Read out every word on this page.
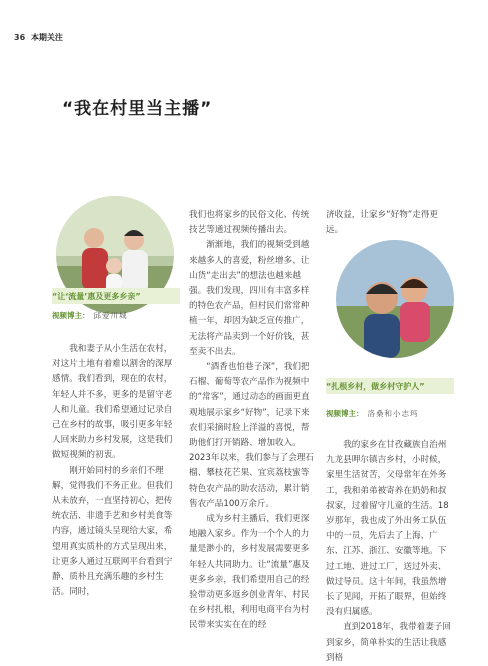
36 本期关注
“我在村里当主播”
“让‘流量’惠及更多乡亲”
视频博主： 邱爱川城

我和妻子从小生活在农村，对这片土地有着难以割舍的深厚感情。我们看到，现在的农村，年轻人并不多，更多的是留守老人和儿童。我们希望通过记录自己在乡村的故事，吸引更多年轻人回来助力乡村发展，这是我们做短视频的初衷。

刚开始同村的乡亲们不理解，觉得我们不务正业。但我们从未放弃，一直坚持初心，把传统农活、非遗手艺和乡村美食等内容，通过镜头呈现给大家，希望用真实质朴的方式呈现出来，让更多人通过互联网平台看到宁静、质朴且充满乐趣的乡村生活。同时，

我们也将家乡的民俗文化、传统技艺等通过视频传播出去。

渐渐地，我们的视频受到越来越多人的喜爱，粉丝增多、让山货“走出去”的想法也越来越强。我们发现，四川有丰富多样的特色农产品，但村民们常常种植一年，却因为缺乏宣传推广，无法将产品卖到一个好价钱，甚至卖不出去。

“酒香也怕巷子深”，我们把石榴、葡萄等农产品作为视频中的“常客”，通过动态的画面更直观地展示家乡“好物”，记录下来农们采摘时脸上洋溢的喜悦，帮助他们打开销路、增加收入。2023年以来，我们参与了会理石榴、攀枝花芒果、宜宾荔枝蜜等特色农产品的助农活动，累计销售农产品100万余斤。

成为乡村主播后，我们更深地融入家乡。作为一个个人的力量是渺小的，乡村发展需要更多年轻人共同助力。让“流量”惠及更多乡亲，我们希望用自己的经验带动更多返乡创业青年、村民在乡村扎根，利用电商平台为村民带来实实在在的经

济收益，让家乡“好物”走得更远。

“扎根乡村，做乡村守护人”
视频博主： 洛桑和小志玛

我的家乡在甘孜藏族自治州九龙县呷尔镇吉乡村，小时候，家里生活贫苦，父母常年在外务工，我和弟弟被寄养在奶奶和叔叔家，过着留守儿童的生活。18岁那年，我也成了外出务工队伍中的一员，先后去了上海、广东、江苏、浙江、安徽等地。下过工地、进过工厂，送过外卖、做过导员。这十年间，我虽然增长了见闻，开拓了眼界，但始终没有归属感。

直到2018年，我带着妻子回到家乡，简单朴实的生活让我感到格
